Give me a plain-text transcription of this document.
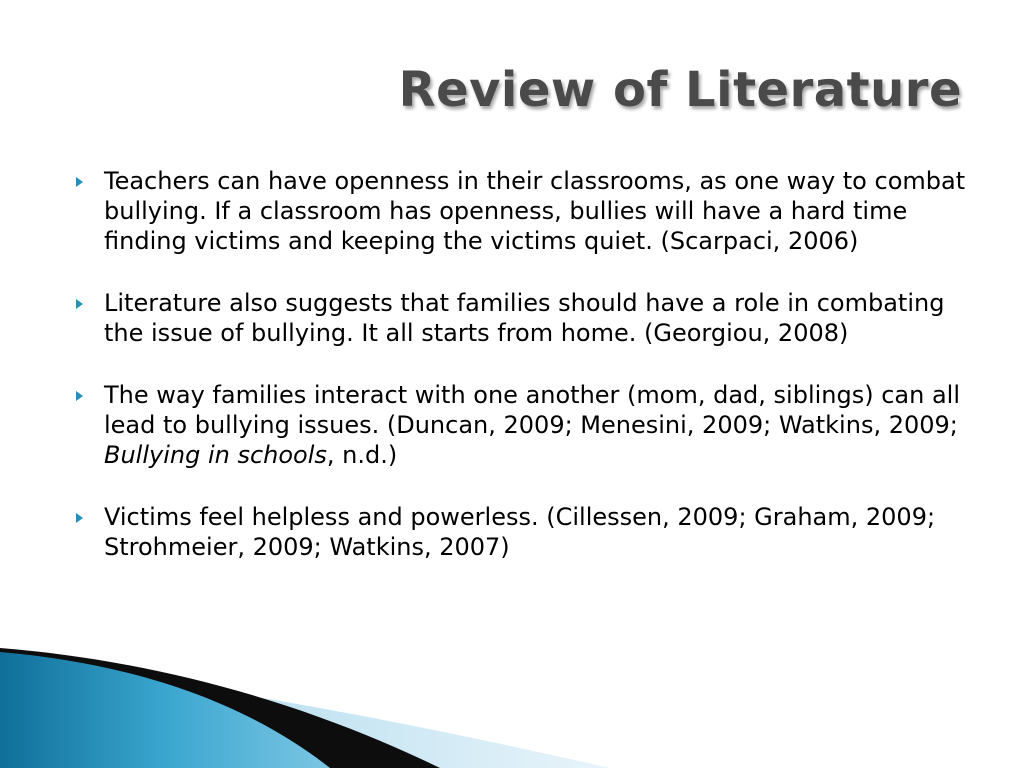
Review of Literature
Teachers can have openness in their classrooms, as one way to combat bullying. If a classroom has openness, bullies will have a hard time finding victims and keeping the victims quiet. (Scarpaci, 2006)
Literature also suggests that families should have a role in combating the issue of bullying. It all starts from home. (Georgiou, 2008)
The way families interact with one another (mom, dad, siblings) can all lead to bullying issues. (Duncan, 2009; Menesini, 2009; Watkins, 2009; Bullying in schools, n.d.)
Victims feel helpless and powerless. (Cillessen, 2009; Graham, 2009; Strohmeier, 2009; Watkins, 2007)
